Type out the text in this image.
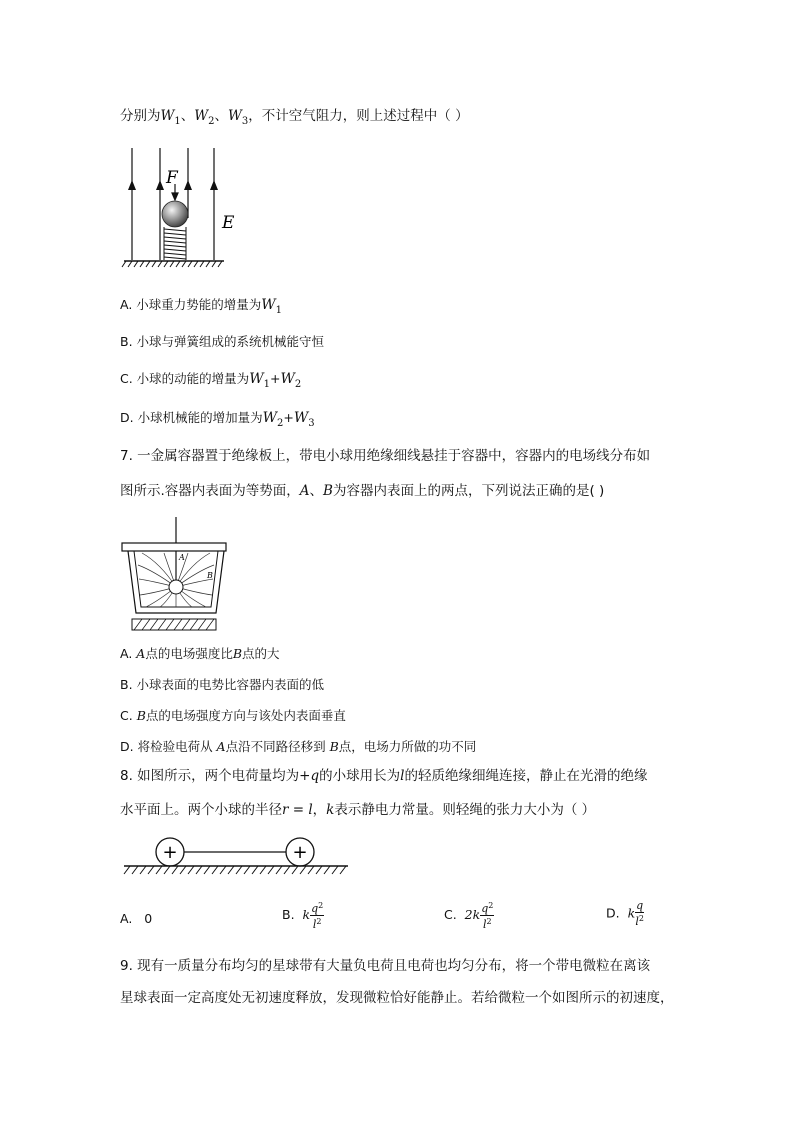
分别为$W_1$、$W_2$、$W_3$，不计空气阻力，则上述过程中（ ）
F
E
A. 小球重力势能的增量为$W_1$
B. 小球与弹簧组成的系统机械能守恒
C. 小球的动能的增量为$W_1+W_2$
D. 小球机械能的增加量为$W_2+W_3$
7. 一金属容器置于绝缘板上，带电小球用绝缘细线悬挂于容器中，容器内的电场线分布如
图所示.容器内表面为等势面，A、B为容器内表面上的两点，下列说法正确的是( )
A
B
A. A点的电场强度比B点的大
B. 小球表面的电势比容器内表面的低
C. B点的电场强度方向与该处内表面垂直
D. 将检验电荷从 A点沿不同路径移到 B点，电场力所做的功不同
8. 如图所示，两个电荷量均为+q的小球用长为l的轻质绝缘细绳连接，静止在光滑的绝缘
水平面上。两个小球的半径r = l，k表示静电力常量。则轻绳的张力大小为（ ）
+	+
A. 0	B. k $\frac{q^2}{l^2}$	C. $2k \frac{q^2}{l^2}$	D. k $\frac{q}{l^2}$
9. 现有一质量分布均匀的星球带有大量负电荷且电荷也均匀分布，将一个带电微粒在离该
星球表面一定高度处无初速度释放，发现微粒恰好能静止。若给微粒一个如图所示的初速度，
